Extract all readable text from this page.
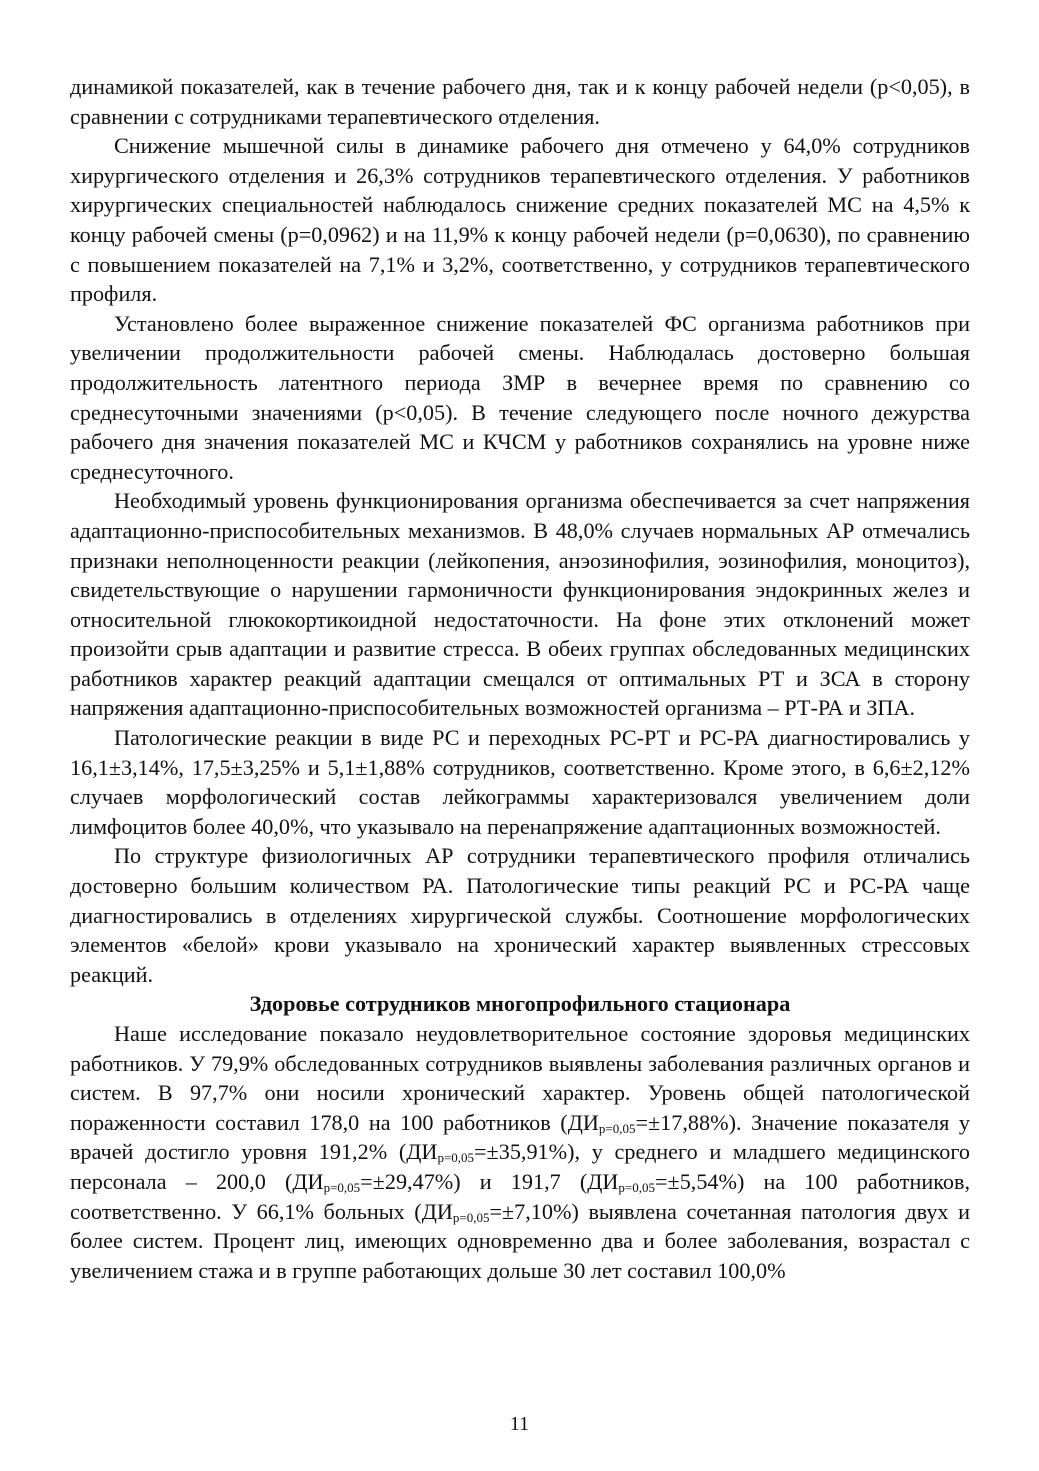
динамикой показателей, как в течение рабочего дня, так и к концу рабочей недели (р<0,05), в сравнении с сотрудниками терапевтического отделения.

Снижение мышечной силы в динамике рабочего дня отмечено у 64,0% сотрудников хирургического отделения и 26,3% сотрудников терапевтического отделения. У работников хирургических специальностей наблюдалось снижение средних показателей МС на 4,5% к концу рабочей смены (р=0,0962) и на 11,9% к концу рабочей недели (р=0,0630), по сравнению с повышением показателей на 7,1% и 3,2%, соответственно, у сотрудников терапевтического профиля.

Установлено более выраженное снижение показателей ФС организма работников при увеличении продолжительности рабочей смены. Наблюдалась достоверно большая продолжительность латентного периода ЗМР в вечернее время по сравнению со среднесуточными значениями (р<0,05). В течение следующего после ночного дежурства рабочего дня значения показателей МС и КЧСМ у работников сохранялись на уровне ниже среднесуточного.

Необходимый уровень функционирования организма обеспечивается за счет напряжения адаптационно-приспособительных механизмов. В 48,0% случаев нормальных АР отмечались признаки неполноценности реакции (лейкопения, анэозинофилия, эозинофилия, моноцитоз), свидетельствующие о нарушении гармоничности функционирования эндокринных желез и относительной глюкокортикоидной недостаточности. На фоне этих отклонений может произойти срыв адаптации и развитие стресса. В обеих группах обследованных медицинских работников характер реакций адаптации смещался от оптимальных РТ и ЗСА в сторону напряжения адаптационно-приспособительных возможностей организма – РТ-РА и ЗПА.

Патологические реакции в виде РС и переходных РС-РТ и РС-РА диагностировались у 16,1±3,14%, 17,5±3,25% и 5,1±1,88% сотрудников, соответственно. Кроме этого, в 6,6±2,12% случаев морфологический состав лейкограммы характеризовался увеличением доли лимфоцитов более 40,0%, что указывало на перенапряжение адаптационных возможностей.

По структуре физиологичных АР сотрудники терапевтического профиля отличались достоверно большим количеством РА. Патологические типы реакций РС и РС-РА чаще диагностировались в отделениях хирургической службы. Соотношение морфологических элементов «белой» крови указывало на хронический характер выявленных стрессовых реакций.

Здоровье сотрудников многопрофильного стационара

Наше исследование показало неудовлетворительное состояние здоровья медицинских работников. У 79,9% обследованных сотрудников выявлены заболевания различных органов и систем. В 97,7% они носили хронический характер. Уровень общей патологической пораженности составил 178,0 на 100 работников $(ДИ_{р=0,05}=\pm 17,88\%)$. Значение показателя у врачей достигло уровня 191,2% $(ДИ_{р=0,05}=\pm 35,91\%)$, у среднего и младшего медицинского персонала – 200,0 $(ДИ_{р=0,05}=\pm 29,47\%)$ и 191,7 $(ДИ_{р=0,05}=\pm 5,54\%)$ на 100 работников, соответственно. У 66,1% больных $(ДИ_{р=0,05}=\pm 7,10\%)$ выявлена сочетанная патология двух и более систем. Процент лиц, имеющих одновременно два и более заболевания, возрастал с увеличением стажа и в группе работающих дольше 30 лет составил 100,0%

11
